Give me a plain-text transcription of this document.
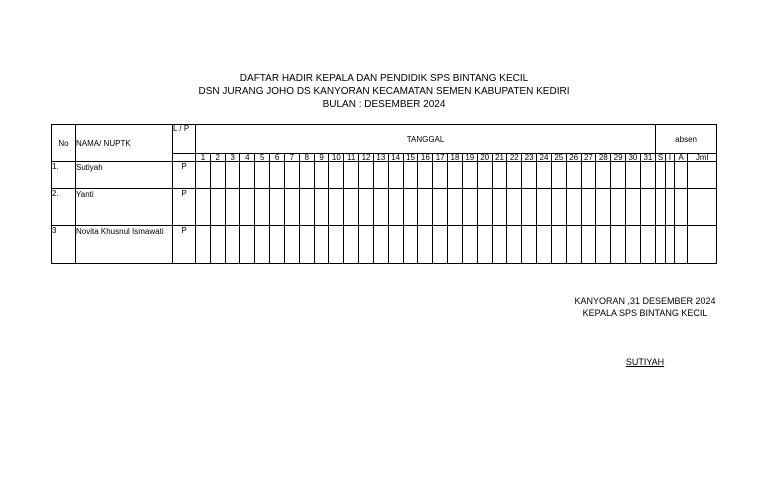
DAFTAR HADIR KEPALA DAN PENDIDIK SPS BINTANG KECIL
DSN JURANG JOHO DS KANYORAN KECAMATAN SEMEN KABUPATEN KEDIRI
BULAN : DESEMBER 2024
No	NAMA/ NUPTK	L / P	TANGGAL																															absen			
			1	2	3	4	5	6	7	8	9	10	11	12	13	14	15	16	17	18	19	20	21	22	23	24	25	26	27	28	29	30	31	S	I	A	Jml
1.	Sutiyah	P																																			
2.	Yanti	P																																			
3	Novita Khusnul Ismawati	P																																			
KANYORAN ,31 DESEMBER 2024
KEPALA SPS BINTANG KECIL
SUTIYAH
